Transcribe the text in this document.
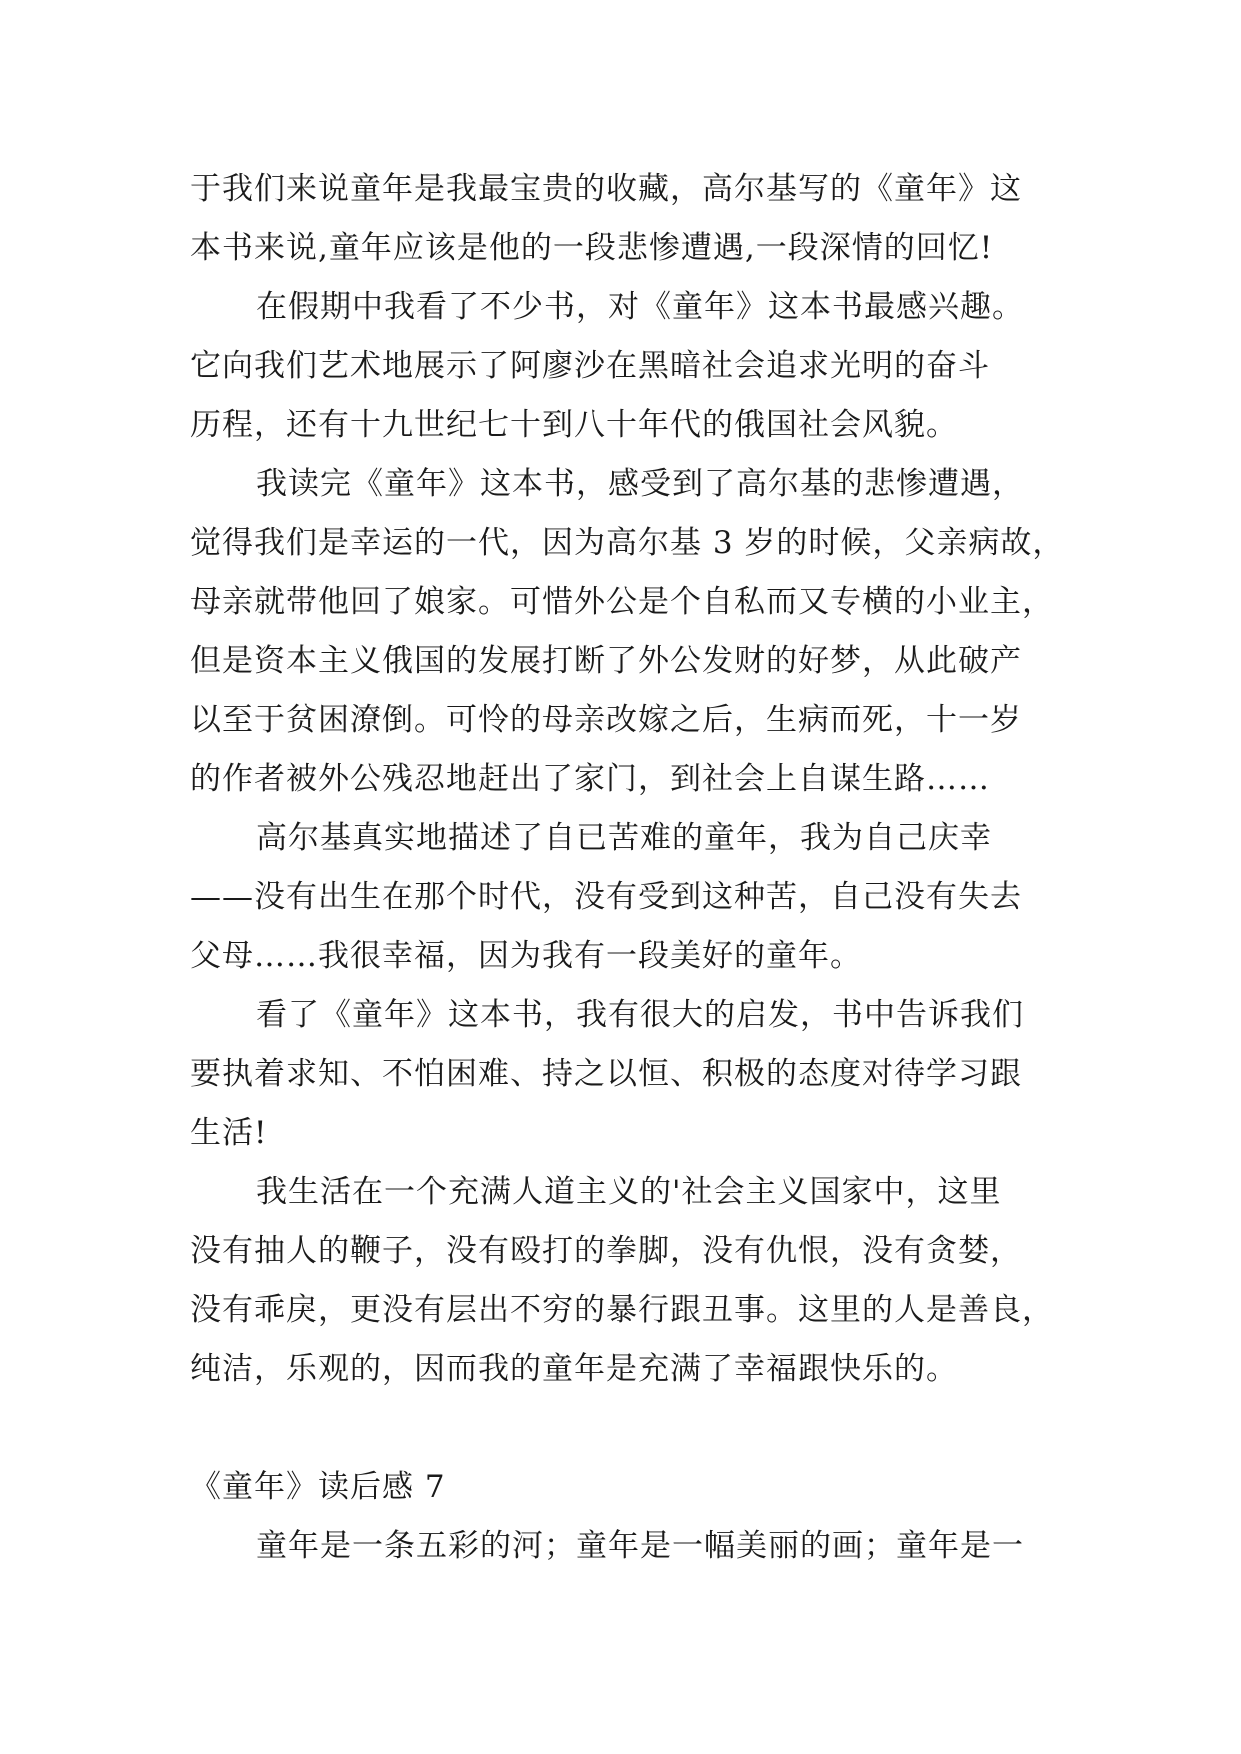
于我们来说童年是我最宝贵的收藏，高尔基写的《童年》这
本书来说,童年应该是他的一段悲惨遭遇,一段深情的回忆!
在假期中我看了不少书，对《童年》这本书最感兴趣。
它向我们艺术地展示了阿廖沙在黑暗社会追求光明的奋斗
历程，还有十九世纪七十到八十年代的俄国社会风貌。
我读完《童年》这本书，感受到了高尔基的悲惨遭遇，
觉得我们是幸运的一代，因为高尔基 3 岁的时候，父亲病故，
母亲就带他回了娘家。可惜外公是个自私而又专横的小业主，
但是资本主义俄国的发展打断了外公发财的好梦，从此破产
以至于贫困潦倒。可怜的母亲改嫁之后，生病而死，十一岁
的作者被外公残忍地赶出了家门，到社会上自谋生路……
高尔基真实地描述了自已苦难的童年，我为自己庆幸
——没有出生在那个时代，没有受到这种苦，自己没有失去
父母……我很幸福，因为我有一段美好的童年。
看了《童年》这本书，我有很大的启发，书中告诉我们
要执着求知、不怕困难、持之以恒、积极的态度对待学习跟
生活!
我生活在一个充满人道主义的'社会主义国家中，这里
没有抽人的鞭子，没有殴打的拳脚，没有仇恨，没有贪婪，
没有乖戾，更没有层出不穷的暴行跟丑事。这里的人是善良，
纯洁，乐观的，因而我的童年是充满了幸福跟快乐的。
《童年》读后感 7
童年是一条五彩的河；童年是一幅美丽的画；童年是一
